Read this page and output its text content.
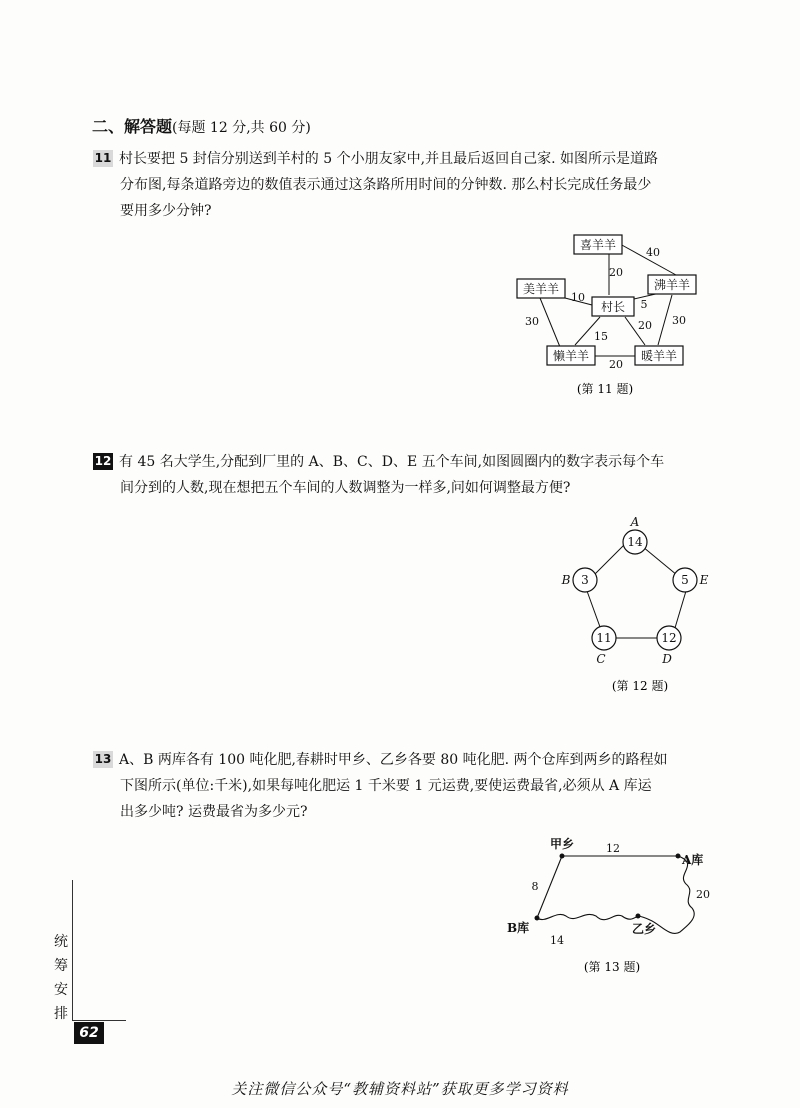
二、解答题(每题 12 分,共 60 分)
11 村长要把 5 封信分别送到羊村的 5 个小朋友家中,并且最后返回自己家. 如图所示是道路
分布图,每条道路旁边的数值表示通过这条路所用时间的分钟数. 那么村长完成任务最少
要用多少分钟?
喜羊羊
美羊羊
村长
沸羊羊
懒羊羊	暖羊羊
40
20
10
5
30
15
20 30
20
(第 11 题)
12 有 45 名大学生,分配到厂里的 A、B、C、D、E 五个车间,如图圆圈内的数字表示每个车
间分到的人数,现在想把五个车间的人数调整为一样多,问如何调整最方便?
14
3	5
11	12
A
B	E
C	D
(第 12 题)
13 A、B 两库各有 100 吨化肥,春耕时甲乡、乙乡各要 80 吨化肥. 两个仓库到两乡的路程如
下图所示(单位:千米),如果每吨化肥运 1 千米要 1 元运费,要使运费最省,必须从 A 库运
出多少吨? 运费最省为多少元?
甲乡
A库
B库	乙乡
12
8
20
14
(第 13 题)
统
筹
安
排
62
关注微信公众号“教辅资料站”获取更多学习资料
